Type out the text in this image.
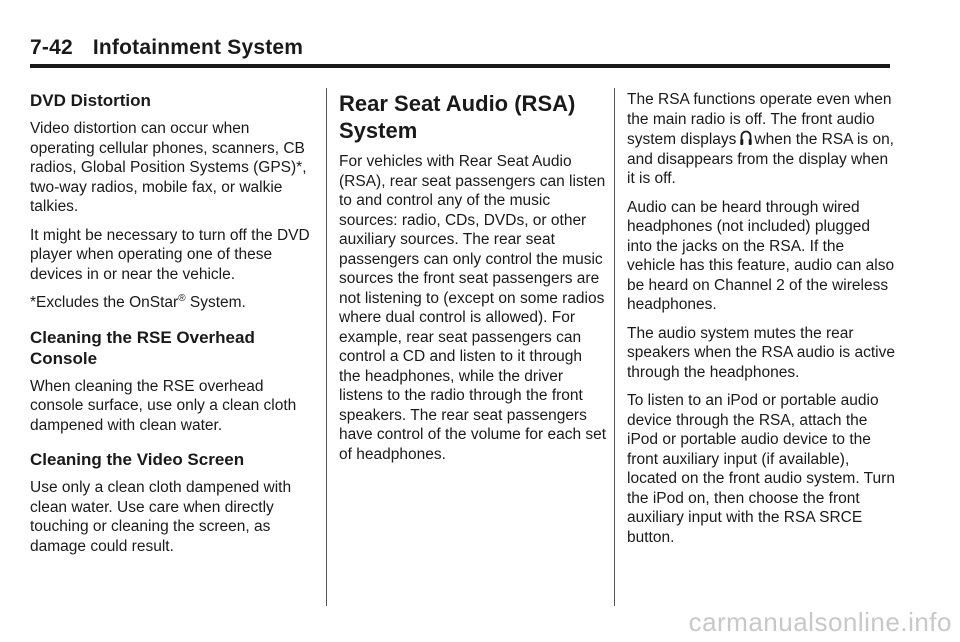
7-42 Infotainment System
DVD Distortion

Video distortion can occur when operating cellular phones, scanners, CB radios, Global Position Systems (GPS)*, two-way radios, mobile fax, or walkie talkies.

It might be necessary to turn off the DVD player when operating one of these devices in or near the vehicle.

*Excludes the OnStar® System.

Cleaning the RSE Overhead Console

When cleaning the RSE overhead console surface, use only a clean cloth dampened with clean water.

Cleaning the Video Screen

Use only a clean cloth dampened with clean water. Use care when directly touching or cleaning the screen, as damage could result.

Rear Seat Audio (RSA) System

For vehicles with Rear Seat Audio (RSA), rear seat passengers can listen to and control any of the music sources: radio, CDs, DVDs, or other auxiliary sources. The rear seat passengers can only control the music sources the front seat passengers are not listening to (except on some radios where dual control is allowed). For example, rear seat passengers can control a CD and listen to it through the headphones, while the driver listens to the radio through the front speakers. The rear seat passengers have control of the volume for each set of headphones.

The RSA functions operate even when the main radio is off. The front audio system displays when the RSA is on, and disappears from the display when it is off.

Audio can be heard through wired headphones (not included) plugged into the jacks on the RSA. If the vehicle has this feature, audio can also be heard on Channel 2 of the wireless headphones.

The audio system mutes the rear speakers when the RSA audio is active through the headphones.

To listen to an iPod or portable audio device through the RSA, attach the iPod or portable audio device to the front auxiliary input (if available), located on the front audio system. Turn the iPod on, then choose the front auxiliary input with the RSA SRCE button.

carmanualsonline.info
